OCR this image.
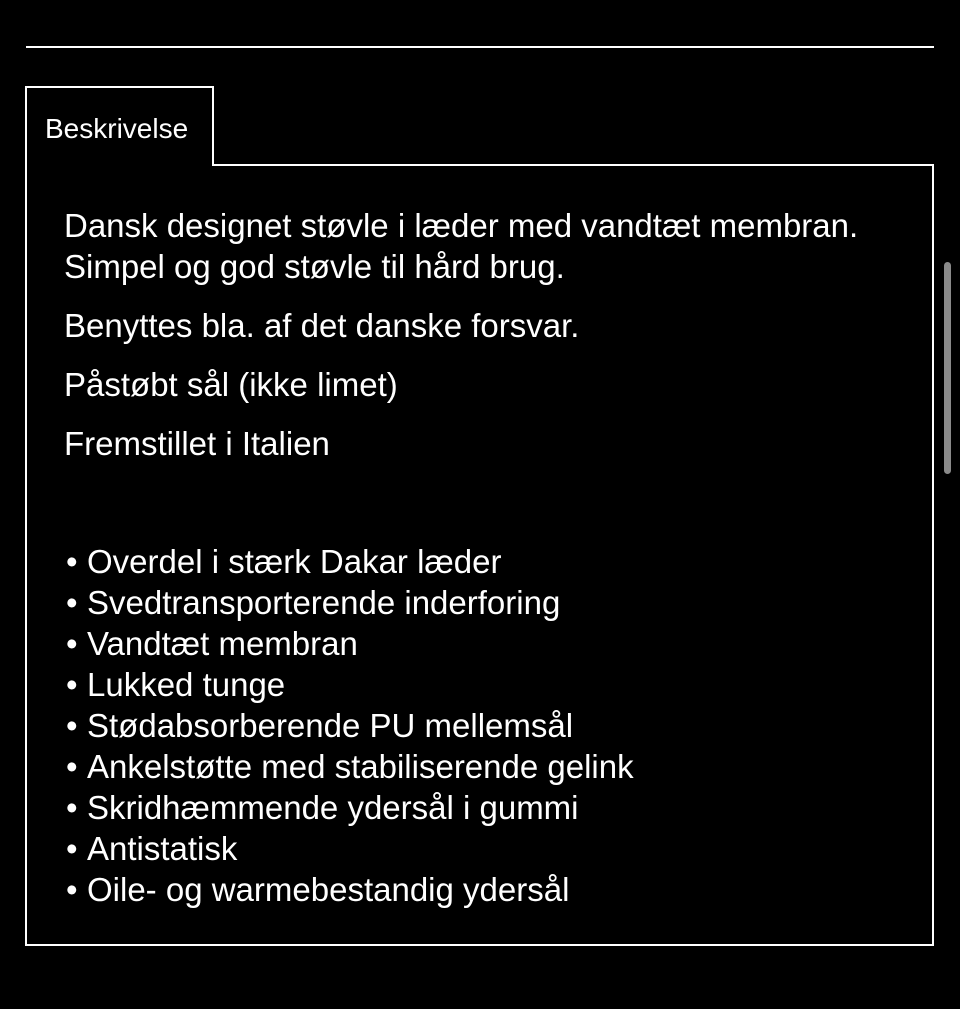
Beskrivelse

Dansk designet støvle i læder med vandtæt membran. Simpel og god støvle til hård brug.

Benyttes bla. af det danske forsvar.

Påstøbt sål (ikke limet)

Fremstillet i Italien

• Overdel i stærk Dakar læder
• Svedtransporterende inderforing
• Vandtæt membran
• Lukked tunge
• Stødabsorberende PU mellemsål
• Ankelstøtte med stabiliserende gelink
• Skridhæmmende ydersål i gummi
• Antistatisk
• Oile- og warmebestandig ydersål
